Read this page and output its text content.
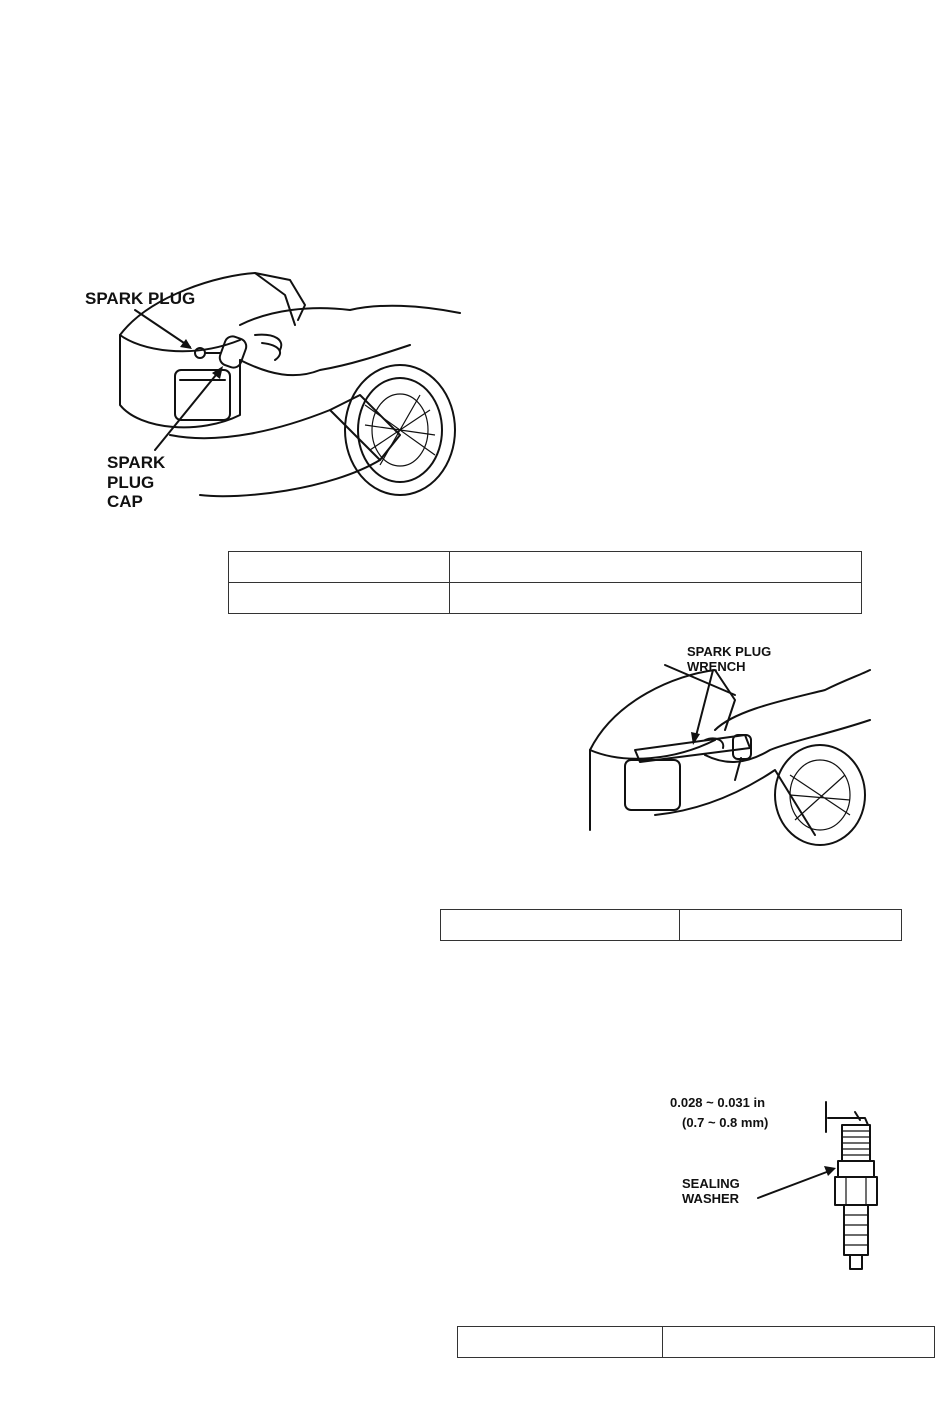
SPARK PLUG
SPARK
PLUG
CAP

SPARK PLUG
WRENCH

0.028 ~ 0.031 in
(0.7 ~ 0.8 mm)
SEALING
WASHER
